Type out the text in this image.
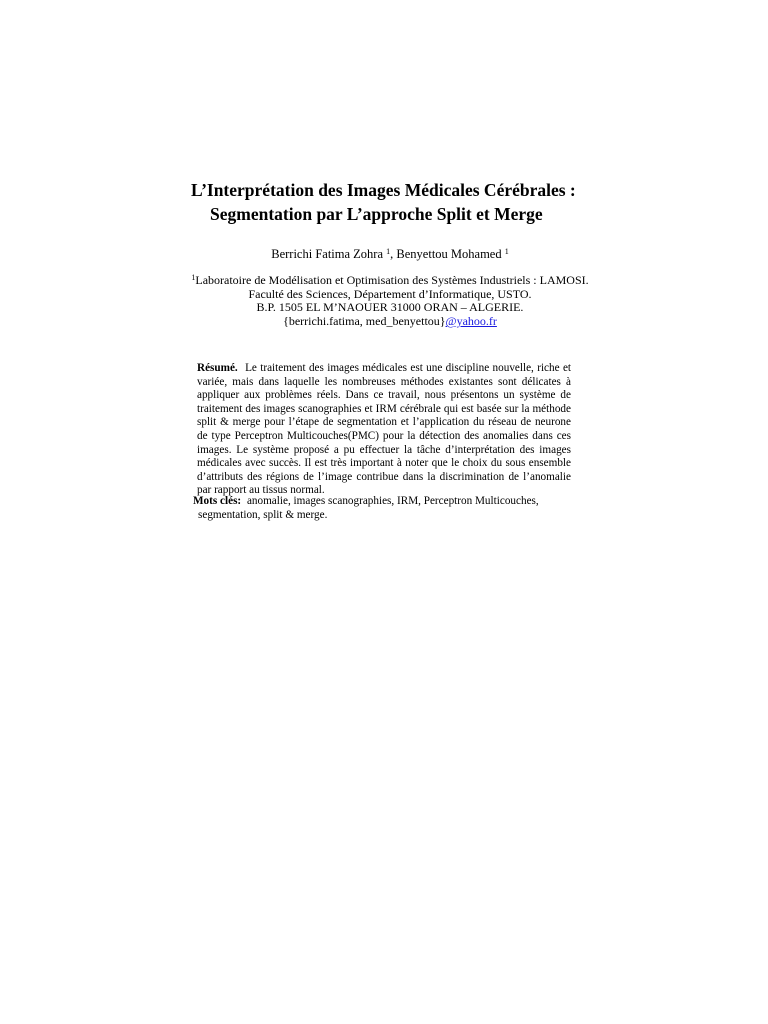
L’Interprétation des Images Médicales Cérébrales :
Segmentation par L’approche Split et Merge
Berrichi Fatima Zohra $^1$, Benyettou Mohamed $^1$
$^1$Laboratoire de Modélisation et Optimisation des Systèmes Industriels : LAMOSI.
Faculté des Sciences, Département d’Informatique, USTO.
B.P. 1505 EL M’NAOUER 31000 ORAN – ALGERIE.
{berrichi.fatima, med_benyettou}@yahoo.fr

Résumé. Le traitement des images médicales est une discipline nouvelle, riche et variée, mais dans laquelle les nombreuses méthodes existantes sont délicates à appliquer aux problèmes réels. Dans ce travail, nous présentons un système de traitement des images scanographies et IRM cérébrale qui est basée sur la méthode split & merge pour l’étape de segmentation et l’application du réseau de neurone de type Perceptron Multicouches(PMC) pour la détection des anomalies dans ces images. Le système proposé a pu effectuer la tâche d’interprétation des images médicales avec succès. Il est très important à noter que le choix du sous ensemble d’attributs des régions de l’image contribue dans la discrimination de l’anomalie par rapport au tissus normal.

Mots clés: anomalie, images scanographies, IRM, Perceptron Multicouches,
segmentation, split & merge.
